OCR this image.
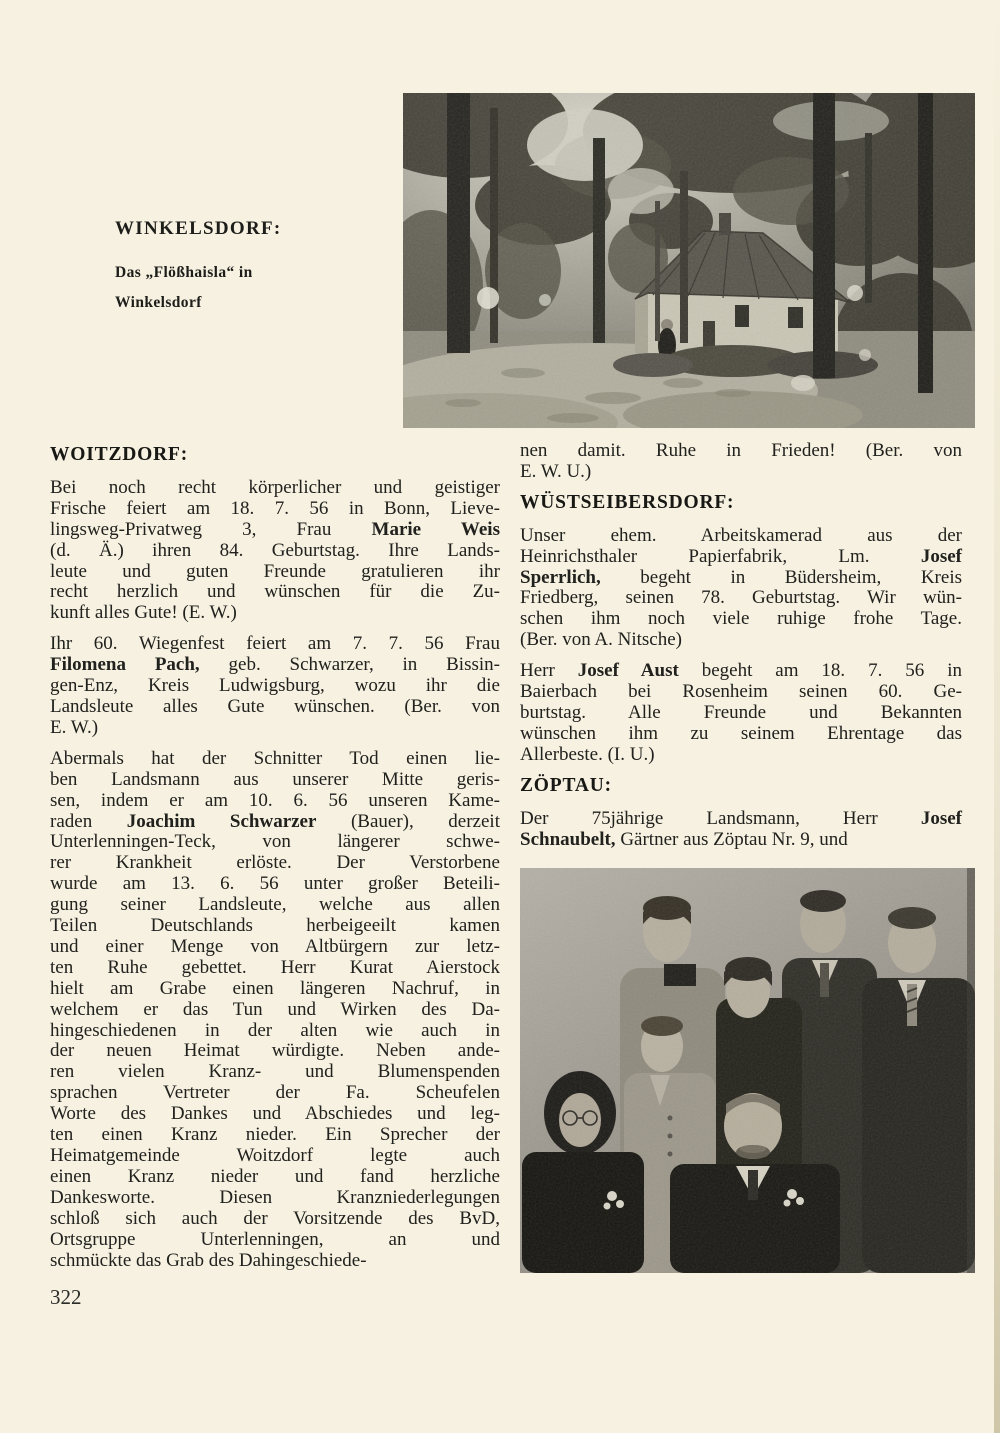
WINKELSDORF:
Das „Flößhaisla“ in
Winkelsdorf
WOITZDORF:
Bei noch recht körperlicher und geistiger
Frische feiert am 18. 7. 56 in Bonn, Lieve-
lingsweg-Privatweg 3, Frau Marie Weis
(d. Ä.) ihren 84. Geburtstag. Ihre Lands-
leute und guten Freunde gratulieren ihr
recht herzlich und wünschen für die Zu-
kunft alles Gute! (E. W.)
Ihr 60. Wiegenfest feiert am 7. 7. 56 Frau
Filomena Pach, geb. Schwarzer, in Bissin-
gen-Enz, Kreis Ludwigsburg, wozu ihr die
Landsleute alles Gute wünschen. (Ber. von
E. W.)
Abermals hat der Schnitter Tod einen lie-
ben Landsmann aus unserer Mitte geris-
sen, indem er am 10. 6. 56 unseren Kame-
raden Joachim Schwarzer (Bauer), derzeit
Unterlenningen-Teck, von längerer schwe-
rer Krankheit erlöste. Der Verstorbene
wurde am 13. 6. 56 unter großer Beteili-
gung seiner Landsleute, welche aus allen
Teilen Deutschlands herbeigeeilt kamen
und einer Menge von Altbürgern zur letz-
ten Ruhe gebettet. Herr Kurat Aierstock
hielt am Grabe einen längeren Nachruf, in
welchem er das Tun und Wirken des Da-
hingeschiedenen in der alten wie auch in
der neuen Heimat würdigte. Neben ande-
ren vielen Kranz- und Blumenspenden
sprachen Vertreter der Fa. Scheufelen
Worte des Dankes und Abschiedes und leg-
ten einen Kranz nieder. Ein Sprecher der
Heimatgemeinde Woitzdorf legte auch
einen Kranz nieder und fand herzliche
Dankesworte. Diesen Kranzniederlegungen
schloß sich auch der Vorsitzende des BvD,
Ortsgruppe Unterlenningen, an und
schmückte das Grab des Dahingeschiede-
nen damit. Ruhe in Frieden! (Ber. von
E. W. U.)
WÜSTSEIBERSDORF:
Unser ehem. Arbeitskamerad aus der
Heinrichsthaler Papierfabrik, Lm. Josef
Sperrlich, begeht in Büdersheim, Kreis
Friedberg, seinen 78. Geburtstag. Wir wün-
schen ihm noch viele ruhige frohe Tage.
(Ber. von A. Nitsche)
Herr Josef Aust begeht am 18. 7. 56 in
Baierbach bei Rosenheim seinen 60. Ge-
burtstag. Alle Freunde und Bekannten
wünschen ihm zu seinem Ehrentage das
Allerbeste. (I. U.)
ZÖPTAU:
Der 75jährige Landsmann, Herr Josef
Schnaubelt, Gärtner aus Zöptau Nr. 9, und
322
